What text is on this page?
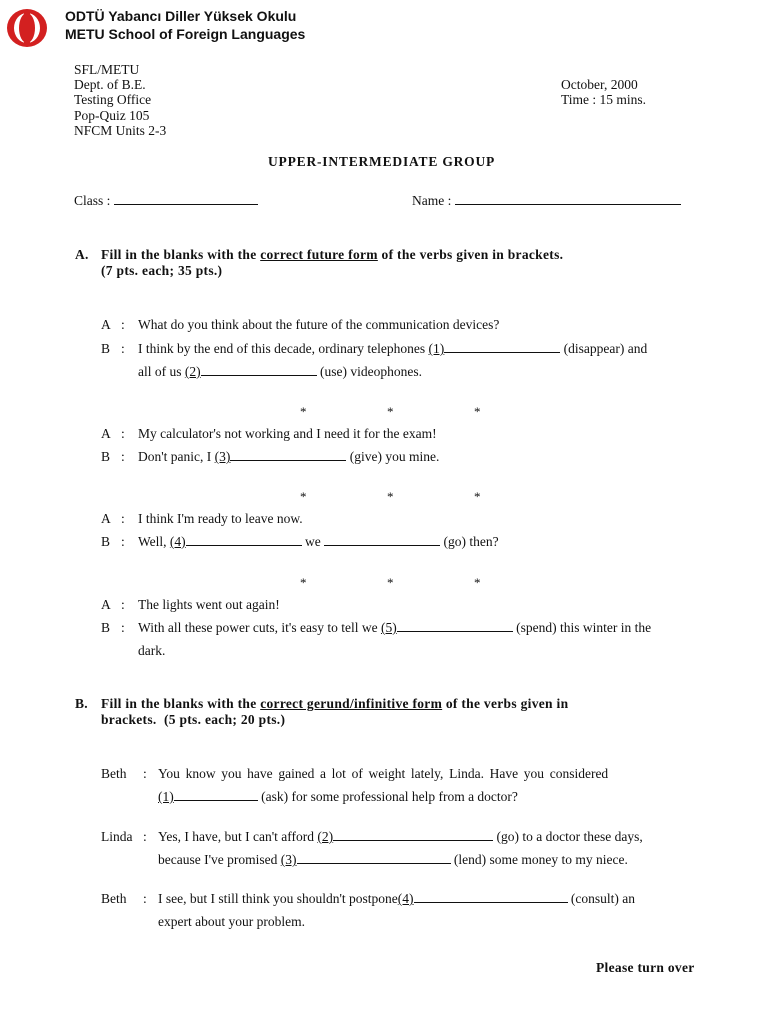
ODTÜ Yabancı Diller Yüksek Okulu
METU School of Foreign Languages
SFL/METU
Dept. of B.E.
Testing Office
Pop-Quiz 105
NFCM Units 2-3
October, 2000
Time : 15 mins.
UPPER-INTERMEDIATE GROUP
Class :	Name :
A. Fill in the blanks with the correct future form of the verbs given in brackets.
(7 pts. each; 35 pts.)
A : What do you think about the future of the communication devices?
B : I think by the end of this decade, ordinary telephones (1)	(disappear) and
all of us (2)	(use) videophones.
*	*	*
A : My calculator's not working and I need it for the exam!
B : Don't panic, I (3)	(give) you mine.
*	*	*
A : I think I'm ready to leave now.
B : Well, (4)	we	(go) then?
*	*	*
A : The lights went out again!
B : With all these power cuts, it's easy to tell we (5)	(spend) this winter in the
dark.
B. Fill in the blanks with the correct gerund/infinitive form of the verbs given in
brackets. (5 pts. each; 20 pts.)
Beth : You know you have gained a lot of weight lately, Linda. Have you considered
(1)	(ask) for some professional help from a doctor?
Linda : Yes, I have, but I can't afford (2)	(go) to a doctor these days,
because I've promised (3)	(lend) some money to my niece.
Beth : I see, but I still think you shouldn't postpone(4)	(consult) an
expert about your problem.
Please turn over
